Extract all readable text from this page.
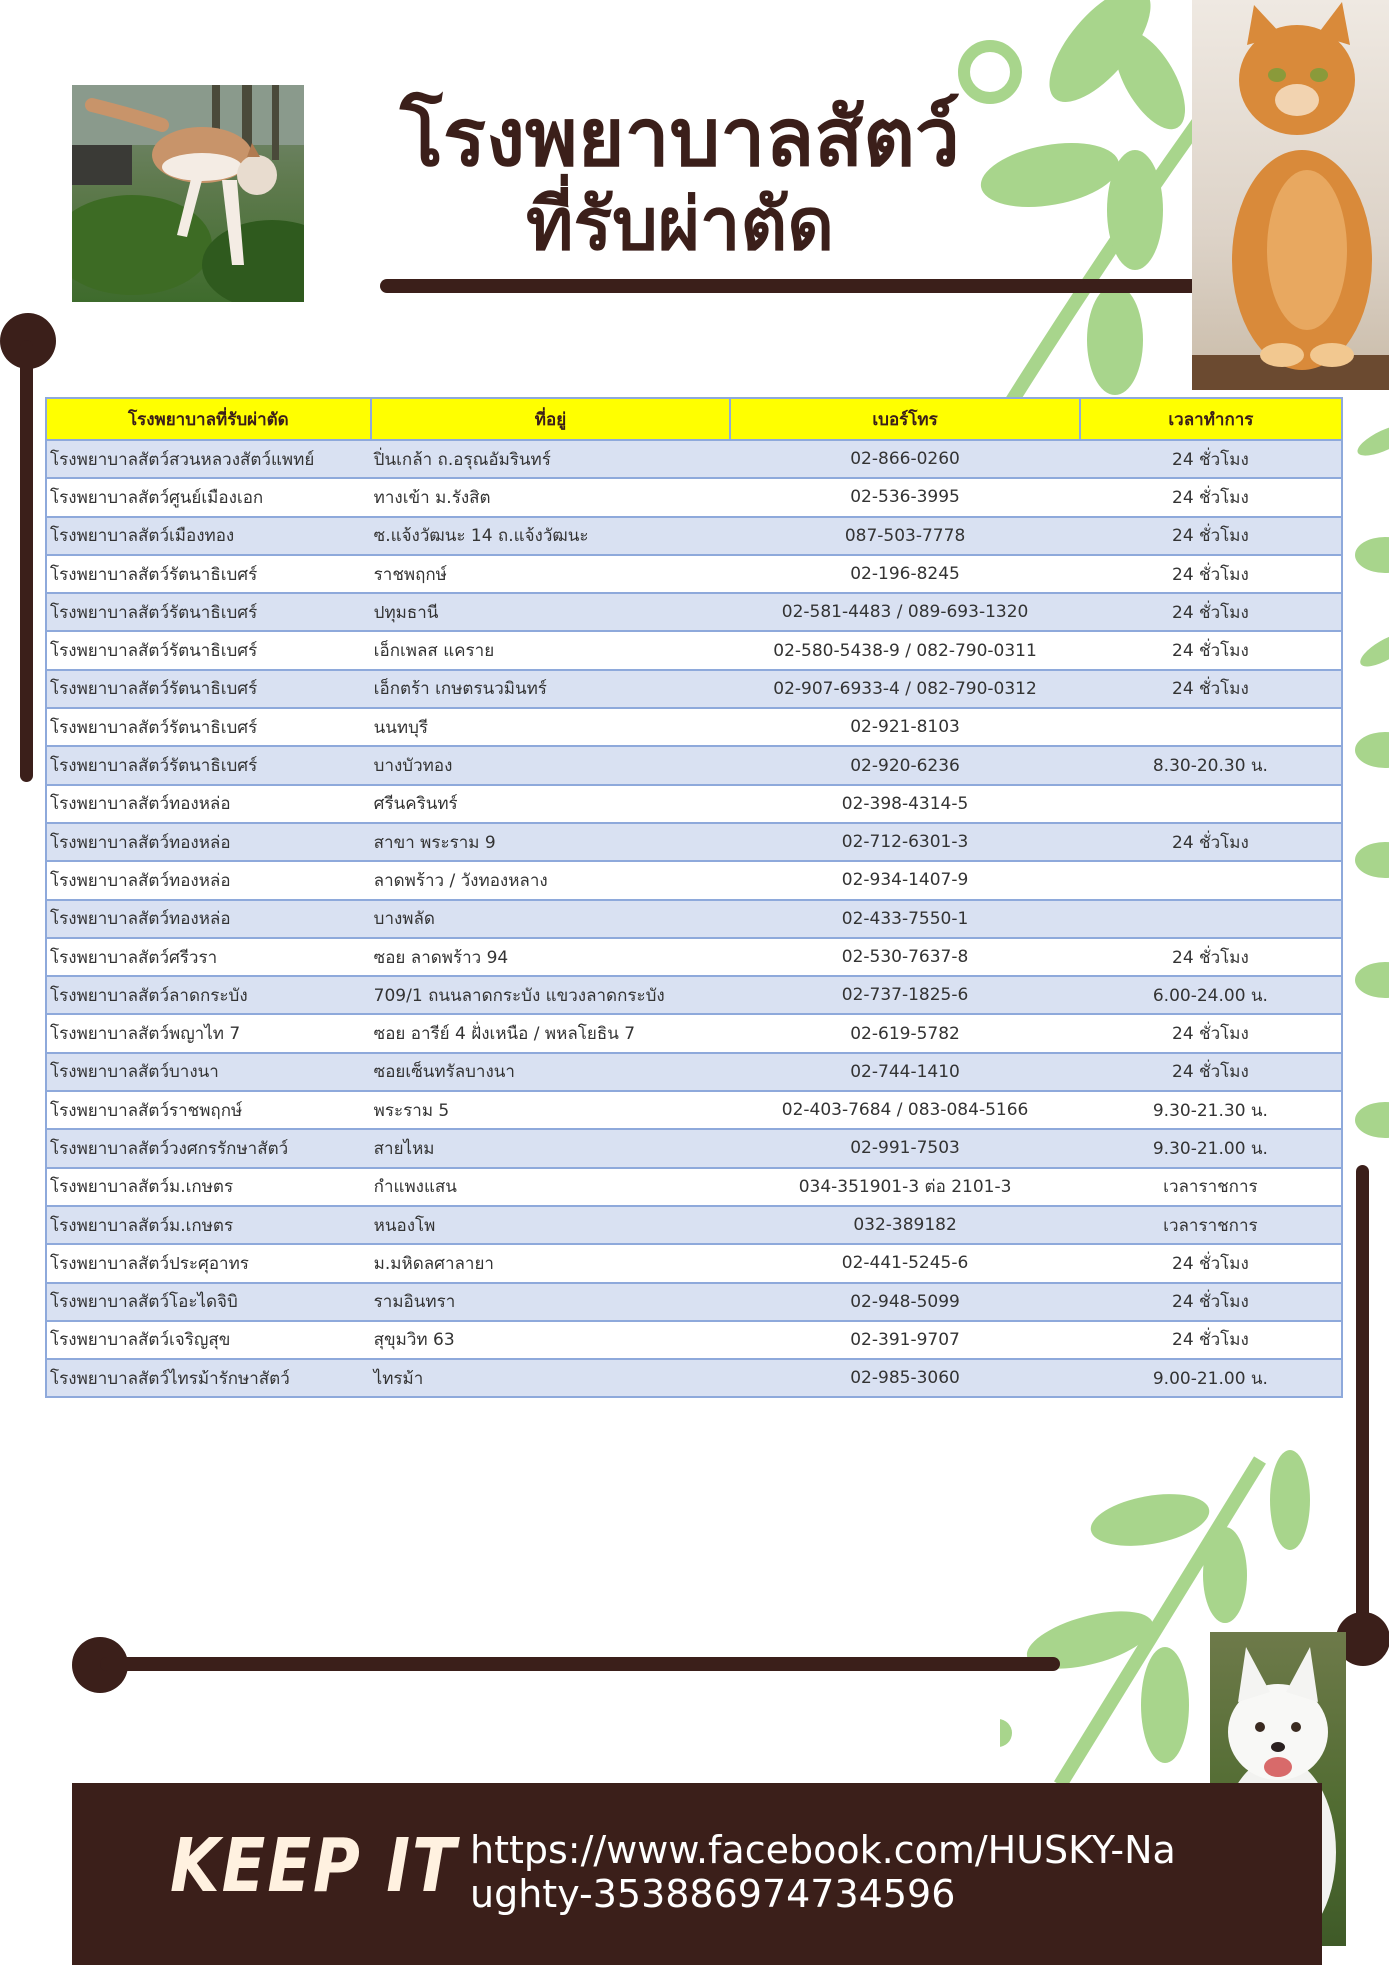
โรงพยาบาลสัตว์
ที่รับผ่าตัด
โรงพยาบาลที่รับผ่าตัด	ที่อยู่	เบอร์โทร	เวลาทำการ
โรงพยาบาลสัตว์สวนหลวงสัตว์แพทย์	ปิ่นเกล้า ถ.อรุณอัมรินทร์	02-866-0260	24 ชั่วโมง
โรงพยาบาลสัตว์ศูนย์เมืองเอก	ทางเข้า ม.รังสิต	02-536-3995	24 ชั่วโมง
โรงพยาบาลสัตว์เมืองทอง	ซ.แจ้งวัฒนะ 14 ถ.แจ้งวัฒนะ	087-503-7778	24 ชั่วโมง
โรงพยาบาลสัตว์รัตนาธิเบศร์	ราชพฤกษ์	02-196-8245	24 ชั่วโมง
โรงพยาบาลสัตว์รัตนาธิเบศร์	ปทุมธานี	02-581-4483 / 089-693-1320	24 ชั่วโมง
โรงพยาบาลสัตว์รัตนาธิเบศร์	เอ็กเพลส แคราย	02-580-5438-9 / 082-790-0311	24 ชั่วโมง
โรงพยาบาลสัตว์รัตนาธิเบศร์	เอ็กตร้า เกษตรนวมินทร์	02-907-6933-4 / 082-790-0312	24 ชั่วโมง
โรงพยาบาลสัตว์รัตนาธิเบศร์	นนทบุรี	02-921-8103	
โรงพยาบาลสัตว์รัตนาธิเบศร์	บางบัวทอง	02-920-6236	8.30-20.30 น.
โรงพยาบาลสัตว์ทองหล่อ	ศรีนครินทร์	02-398-4314-5	
โรงพยาบาลสัตว์ทองหล่อ	สาขา พระราม 9	02-712-6301-3	24 ชั่วโมง
โรงพยาบาลสัตว์ทองหล่อ	ลาดพร้าว / วังทองหลาง	02-934-1407-9	
โรงพยาบาลสัตว์ทองหล่อ	บางพลัด	02-433-7550-1	
โรงพยาบาลสัตว์ศรีวรา	ซอย ลาดพร้าว 94	02-530-7637-8	24 ชั่วโมง
โรงพยาบาลสัตว์ลาดกระบัง	709/1 ถนนลาดกระบัง แขวงลาดกระบัง	02-737-1825-6	6.00-24.00 น.
โรงพยาบาลสัตว์พญาไท 7	ซอย อารีย์ 4 ฝั่งเหนือ / พหลโยธิน 7	02-619-5782	24 ชั่วโมง
โรงพยาบาลสัตว์บางนา	ซอยเซ็นทรัลบางนา	02-744-1410	24 ชั่วโมง
โรงพยาบาลสัตว์ราชพฤกษ์	พระราม 5	02-403-7684 / 083-084-5166	9.30-21.30 น.
โรงพยาบาลสัตว์วงศกรรักษาสัตว์	สายไหม	02-991-7503	9.30-21.00 น.
โรงพยาบาลสัตว์ม.เกษตร	กำแพงแสน	034-351901-3 ต่อ 2101-3	เวลาราชการ
โรงพยาบาลสัตว์ม.เกษตร	หนองโพ	032-389182	เวลาราชการ
โรงพยาบาลสัตว์ประศุอาทร	ม.มหิดลศาลายา	02-441-5245-6	24 ชั่วโมง
โรงพยาบาลสัตว์โอะไดจิบิ	รามอินทรา	02-948-5099	24 ชั่วโมง
โรงพยาบาลสัตว์เจริญสุข	สุขุมวิท 63	02-391-9707	24 ชั่วโมง
โรงพยาบาลสัตว์ไทรม้ารักษาสัตว์	ไทรม้า	02-985-3060	9.00-21.00 น.
KEEP IT https://www.facebook.com/HUSKY-Naughty-353886974734596
